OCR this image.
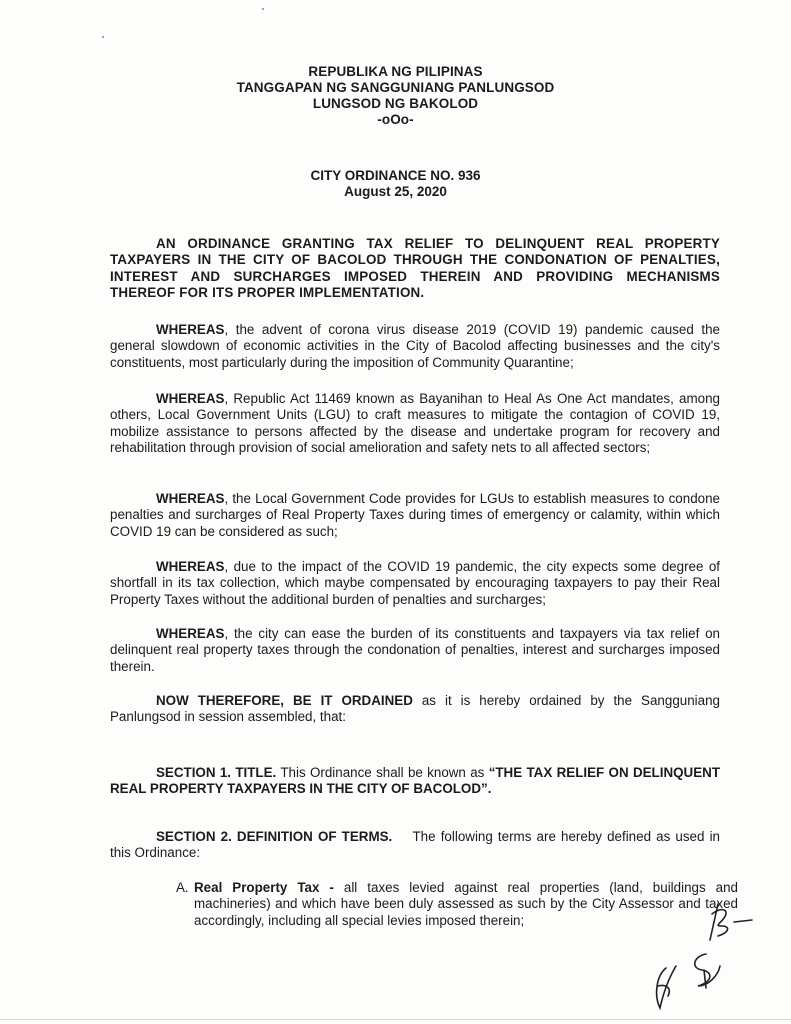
REPUBLIKA NG PILIPINAS
TANGGAPAN NG SANGGUNIANG PANLUNGSOD
LUNGSOD NG BAKOLOD
-oOo-
CITY ORDINANCE NO. 936
August 25, 2020
AN ORDINANCE GRANTING TAX RELIEF TO DELINQUENT REAL PROPERTY TAXPAYERS IN THE CITY OF BACOLOD THROUGH THE CONDONATION OF PENALTIES, INTEREST AND SURCHARGES IMPOSED THEREIN AND PROVIDING MECHANISMS THEREOF FOR ITS PROPER IMPLEMENTATION.
WHEREAS, the advent of corona virus disease 2019 (COVID 19) pandemic caused the general slowdown of economic activities in the City of Bacolod affecting businesses and the city's constituents, most particularly during the imposition of Community Quarantine;
WHEREAS, Republic Act 11469 known as Bayanihan to Heal As One Act mandates, among others, Local Government Units (LGU) to craft measures to mitigate the contagion of COVID 19, mobilize assistance to persons affected by the disease and undertake program for recovery and rehabilitation through provision of social amelioration and safety nets to all affected sectors;
WHEREAS, the Local Government Code provides for LGUs to establish measures to condone penalties and surcharges of Real Property Taxes during times of emergency or calamity, within which COVID 19 can be considered as such;
WHEREAS, due to the impact of the COVID 19 pandemic, the city expects some degree of shortfall in its tax collection, which maybe compensated by encouraging taxpayers to pay their Real Property Taxes without the additional burden of penalties and surcharges;
WHEREAS, the city can ease the burden of its constituents and taxpayers via tax relief on delinquent real property taxes through the condonation of penalties, interest and surcharges imposed therein.
NOW THEREFORE, BE IT ORDAINED as it is hereby ordained by the Sangguniang Panlungsod in session assembled, that:
SECTION 1. TITLE. This Ordinance shall be known as “THE TAX RELIEF ON DELINQUENT REAL PROPERTY TAXPAYERS IN THE CITY OF BACOLOD”.
SECTION 2. DEFINITION OF TERMS.    The following terms are hereby defined as used in this Ordinance:
A. Real Property Tax - all taxes levied against real properties (land, buildings and machineries) and which have been duly assessed as such by the City Assessor and taxed accordingly, including all special levies imposed therein;
